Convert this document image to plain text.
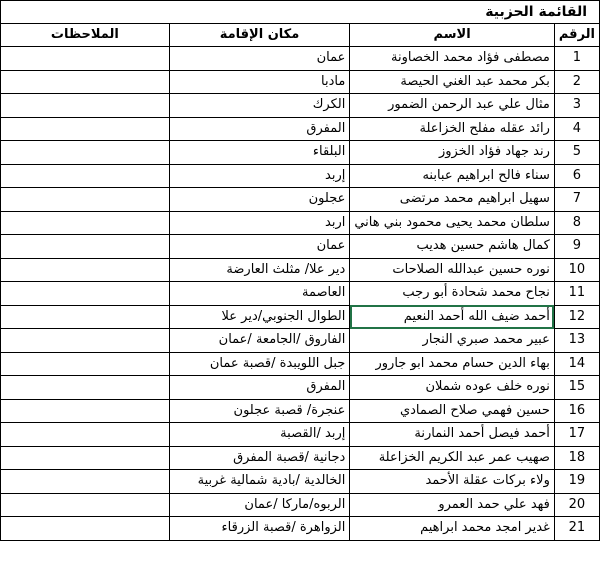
القائمة الحزبية			
الرقم	الاسم	مكان الإقامة	الملاحظات
1	مصطفى فؤاد محمد الخصاونة	عمان	
2	بكر محمد عبد الغني الحيصة	مادبا	
3	مثال علي عبد الرحمن الضمور	الكرك	
4	رائد عقله مفلح الخزاعلة	المفرق	
5	رند جهاد فؤاد الخزوز	البلقاء	
6	سناء فالح ابراهيم عبابنه	إربد	
7	سهيل ابراهيم محمد مرتضى	عجلون	
8	سلطان محمد يحيى محمود بني هاني	اربد	
9	كمال هاشم حسين هديب	عمان	
10	نوره حسين عبدالله الصلاحات	دير علا/ مثلث العارضة	
11	نجاح محمد شحادة أبو رجب	العاصمة	
12	أحمد ضيف الله أحمد النعيم	الطوال الجنوبي/دير علا	
13	عبير محمد صبري النجار	الفاروق /الجامعة /عمان	
14	بهاء الدين حسام محمد ابو جارور	جبل اللويبدة /قصبة عمان	
15	نوره خلف عوده شملان	المفرق	
16	حسين فهمي صلاح الصمادي	عنجرة/ قصبة عجلون	
17	أحمد فيصل أحمد النمارنة	إربد /القصبة	
18	صهيب عمر عبد الكريم الخزاعلة	دجانية /قصبة المفرق	
19	ولاء بركات عقلة الأحمد	الخالدية /بادية شمالية غربية	
20	فهد علي حمد العمرو	الربوه/ماركا /عمان	
21	غدير امجد محمد ابراهيم	الزواهرة /قصبة الزرقاء	
